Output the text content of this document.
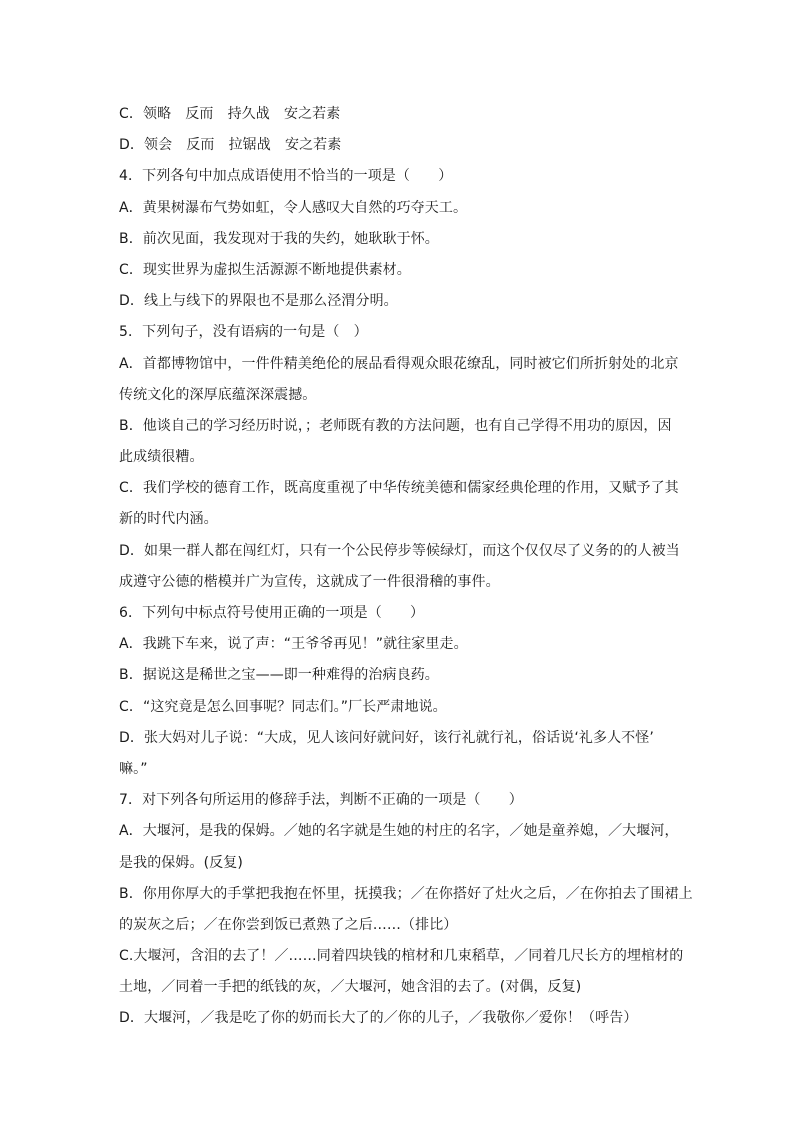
C．领略　反而　持久战　安之若素
D．领会　反而　拉锯战　安之若素
4．下列各句中加点成语使用不恰当的一项是（　　）
A．黄果树瀑布气势如虹，令人感叹大自然的巧夺天工。
B．前次见面，我发现对于我的失约，她耿耿于怀。
C．现实世界为虚拟生活源源不断地提供素材。
D．线上与线下的界限也不是那么泾渭分明。
5．下列句子，没有语病的一句是（　）
A．首都博物馆中，一件件精美绝伦的展品看得观众眼花缭乱，同时被它们所折射处的北京
传统文化的深厚底蕴深深震撼。
B．他谈自己的学习经历时说，；老师既有教的方法问题，也有自己学得不用功的原因，因
此成绩很糟。
C．我们学校的德育工作，既高度重视了中华传统美德和儒家经典伦理的作用，又赋予了其
新的时代内涵。
D．如果一群人都在闯红灯，只有一个公民停步等候绿灯，而这个仅仅尽了义务的的人被当
成遵守公德的楷模并广为宣传，这就成了一件很滑稽的事件。
6．下列句中标点符号使用正确的一项是（　　）
A．我跳下车来，说了声：“王爷爷再见！”就往家里走。
B．据说这是稀世之宝——即一种难得的治病良药。
C．“这究竟是怎么回事呢？同志们。”厂长严肃地说。
D．张大妈对儿子说：“大成，见人该问好就问好，该行礼就行礼，俗话说‘礼多人不怪’
嘛。”
7．对下列各句所运用的修辞手法，判断不正确的一项是（　　）
A．大堰河，是我的保姆。／她的名字就是生她的村庄的名字，／她是童养媳，／大堰河，
是我的保姆。(反复)
B．你用你厚大的手掌把我抱在怀里，抚摸我；／在你搭好了灶火之后，／在你拍去了围裙上
的炭灰之后；／在你尝到饭已煮熟了之后……（排比）
C.大堰河，含泪的去了！／……同着四块钱的棺材和几束稻草，／同着几尺长方的埋棺材的
土地，／同着一手把的纸钱的灰，／大堰河，她含泪的去了。(对偶，反复)
D．大堰河，／我是吃了你的奶而长大了的／你的儿子，／我敬你／爱你！（呼告）
